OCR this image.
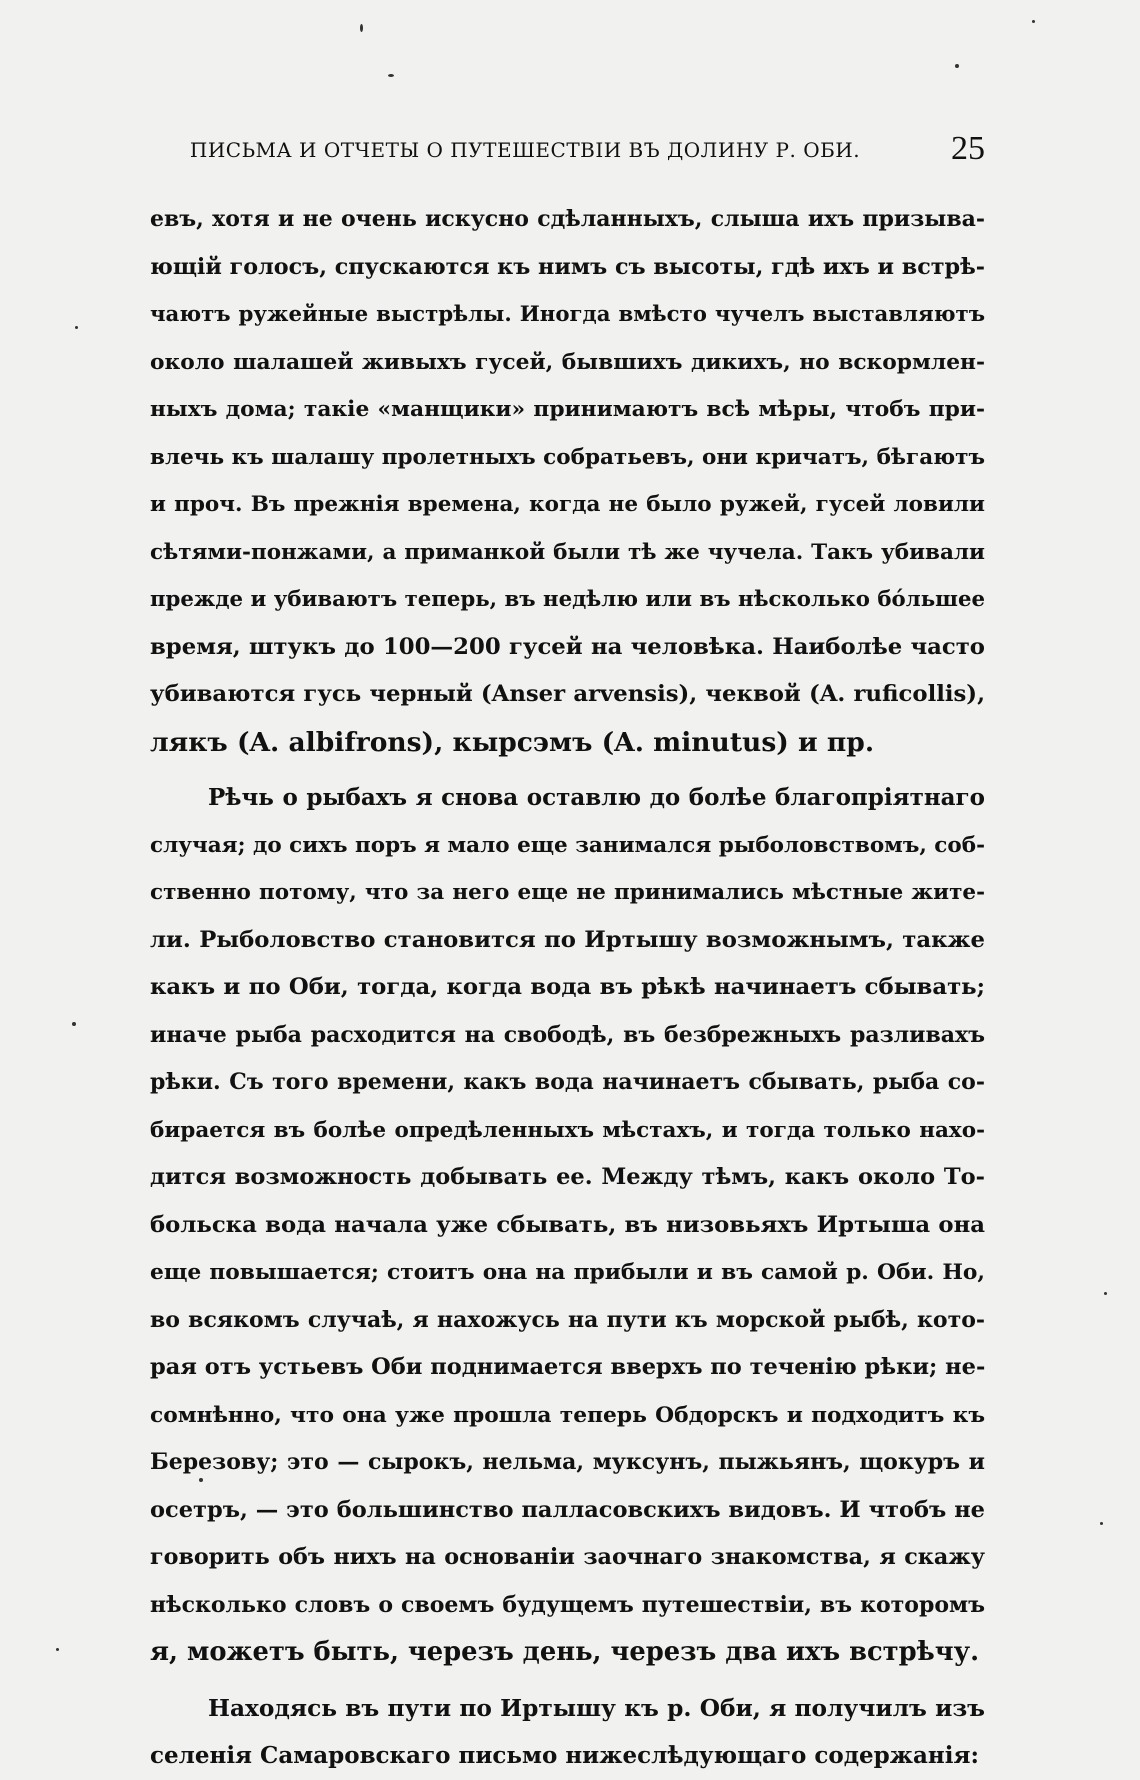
ПИСЬМА И ОТЧЕТЫ О ПУТЕШЕСТВІИ ВЪ ДОЛИНУ Р. ОБИ.	25
евъ, хотя и не очень искусно сдѣланныхъ, слыша ихъ призыва-
ющій голосъ, спускаются къ нимъ съ высоты, гдѣ ихъ и встрѣ-
чаютъ ружейные выстрѣлы. Иногда вмѣсто чучелъ выставляютъ
около шалашей живыхъ гусей, бывшихъ дикихъ, но вскормлен-
ныхъ дома; такіе «манщики» принимаютъ всѣ мѣры, чтобъ при-
влечь къ шалашу пролетныхъ собратьевъ, они кричатъ, бѣгаютъ
и проч. Въ прежнія времена, когда не было ружей, гусей ловили
сѣтями-понжами, а приманкой были тѣ же чучела. Такъ убивали
прежде и убиваютъ теперь, въ недѣлю или въ нѣсколько бо́льшее
время, штукъ до 100—200 гусей на человѣка. Наиболѣе часто
убиваются гусь черный (Anser arvensis), чеквой (A. ruficollis),
лякъ (A. albifrons), кырсэмъ (A. minutus) и пр.
Рѣчь о рыбахъ я снова оставлю до болѣе благопріятнаго
случая; до сихъ поръ я мало еще занимался рыболовствомъ, соб-
ственно потому, что за него еще не принимались мѣстные жите-
ли. Рыболовство становится по Иртышу возможнымъ, также
какъ и по Оби, тогда, когда вода въ рѣкѣ начинаетъ сбывать;
иначе рыба расходится на свободѣ, въ безбрежныхъ разливахъ
рѣки. Съ того времени, какъ вода начинаетъ сбывать, рыба со-
бирается въ болѣе опредѣленныхъ мѣстахъ, и тогда только нахо-
дится возможность добывать ее. Между тѣмъ, какъ около То-
больска вода начала уже сбывать, въ низовьяхъ Иртыша она
еще повышается; стоитъ она на прибыли и въ самой р. Оби. Но,
во всякомъ случаѣ, я нахожусь на пути къ морской рыбѣ, кото-
рая отъ устьевъ Оби поднимается вверхъ по теченію рѣки; не-
сомнѣнно, что она уже прошла теперь Обдорскъ и подходитъ къ
Березову; это — сырокъ, нельма, муксунъ, пыжьянъ, щокуръ и
осетръ, — это большинство палласовскихъ видовъ. И чтобъ не
говорить объ нихъ на основаніи заочнаго знакомства, я скажу
нѣсколько словъ о своемъ будущемъ путешествіи, въ которомъ
я, можетъ быть, черезъ день, черезъ два ихъ встрѣчу.
Находясь въ пути по Иртышу къ р. Оби, я получилъ изъ
селенія Самаровскаго письмо нижеслѣдующаго содержанія:
